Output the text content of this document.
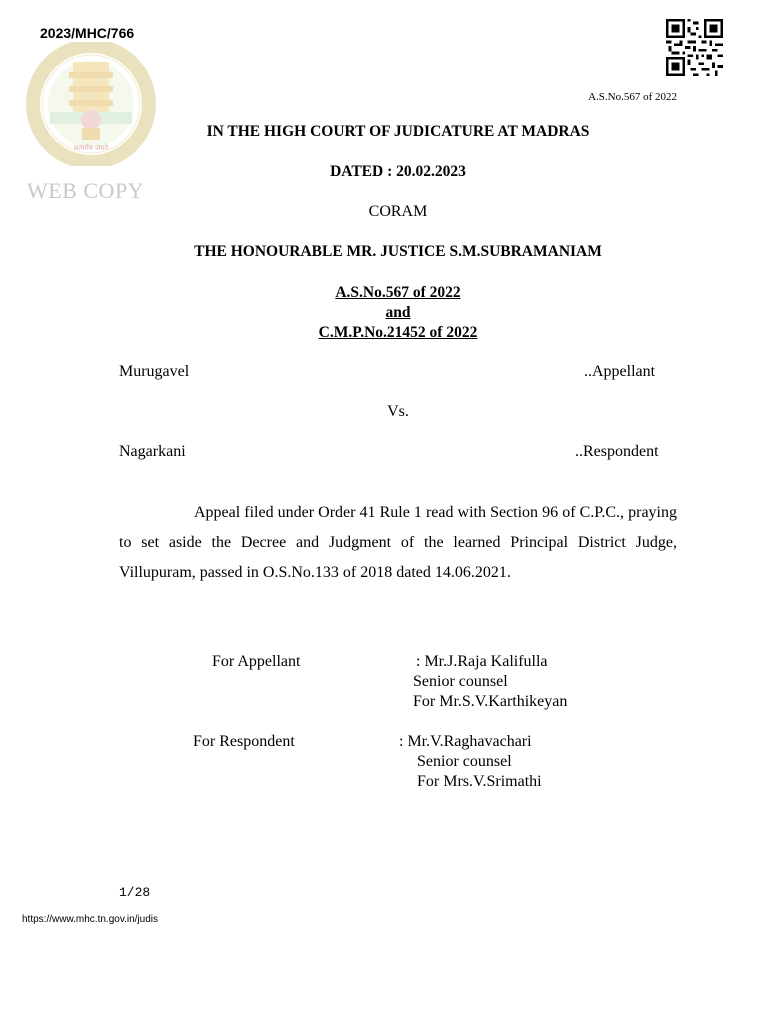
2023/MHC/766
सत्यमेव जयते
WEB COPY
A.S.No.567 of 2022
IN THE HIGH COURT OF JUDICATURE AT MADRAS
DATED : 20.02.2023
CORAM
THE HONOURABLE MR. JUSTICE S.M.SUBRAMANIAM
A.S.No.567 of 2022
and
C.M.P.No.21452 of 2022
Murugavel	..Appellant
Vs.
Nagarkani	..Respondent
Appeal filed under Order 41 Rule 1 read with Section 96 of C.P.C., praying to set aside the Decree and Judgment of the learned Principal District Judge, Villupuram, passed in O.S.No.133 of 2018 dated 14.06.2021.
For Appellant	: Mr.J.Raja Kalifulla
Senior counsel
For Mr.S.V.Karthikeyan
For Respondent	: Mr.V.Raghavachari
Senior counsel
For Mrs.V.Srimathi
1/28
https://www.mhc.tn.gov.in/judis
